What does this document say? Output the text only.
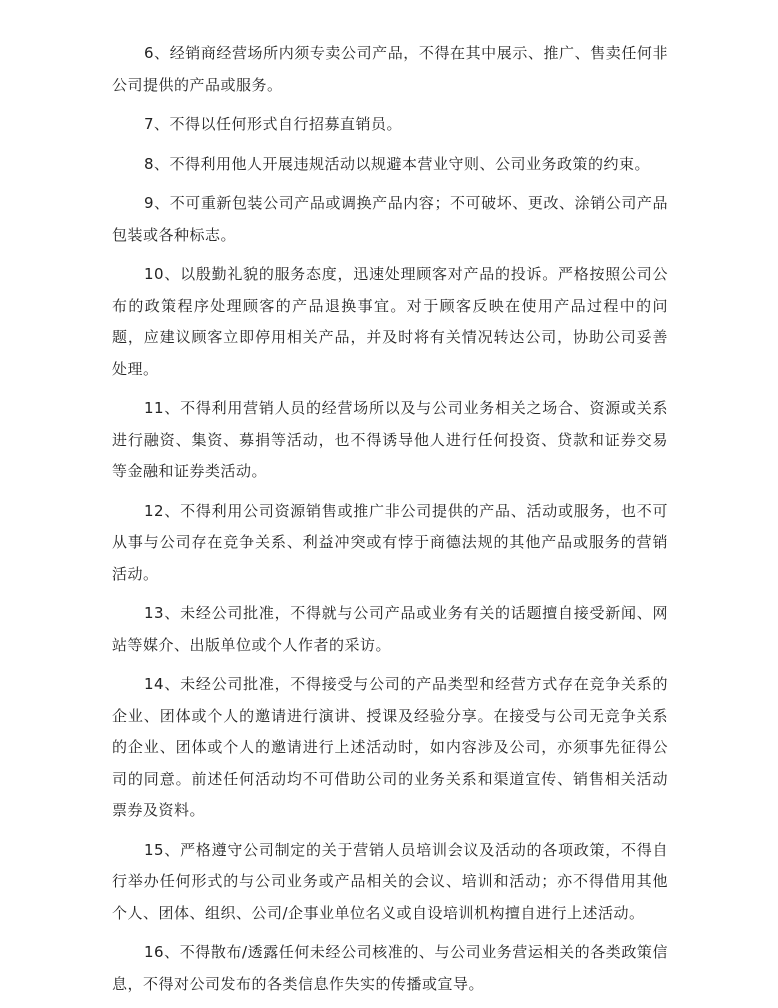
6、经销商经营场所内须专卖公司产品，不得在其中展示、推广、售卖任何非公司提供的产品或服务。

7、不得以任何形式自行招募直销员。

8、不得利用他人开展违规活动以规避本营业守则、公司业务政策的约束。

9、不可重新包装公司产品或调换产品内容；不可破坏、更改、涂销公司产品包装或各种标志。

10、以殷勤礼貌的服务态度，迅速处理顾客对产品的投诉。严格按照公司公布的政策程序处理顾客的产品退换事宜。对于顾客反映在使用产品过程中的问题，应建议顾客立即停用相关产品，并及时将有关情况转达公司，协助公司妥善处理。

11、不得利用营销人员的经营场所以及与公司业务相关之场合、资源或关系进行融资、集资、募捐等活动，也不得诱导他人进行任何投资、贷款和证券交易等金融和证券类活动。

12、不得利用公司资源销售或推广非公司提供的产品、活动或服务，也不可从事与公司存在竞争关系、利益冲突或有悖于商德法规的其他产品或服务的营销活动。

13、未经公司批准，不得就与公司产品或业务有关的话题擅自接受新闻、网站等媒介、出版单位或个人作者的采访。

14、未经公司批准，不得接受与公司的产品类型和经营方式存在竞争关系的企业、团体或个人的邀请进行演讲、授课及经验分享。在接受与公司无竞争关系的企业、团体或个人的邀请进行上述活动时，如内容涉及公司，亦须事先征得公司的同意。前述任何活动均不可借助公司的业务关系和渠道宣传、销售相关活动票券及资料。

15、严格遵守公司制定的关于营销人员培训会议及活动的各项政策，不得自行举办任何形式的与公司业务或产品相关的会议、培训和活动；亦不得借用其他个人、团体、组织、公司/企事业单位名义或自设培训机构擅自进行上述活动。

16、不得散布/透露任何未经公司核准的、与公司业务营运相关的各类政策信息，不得对公司发布的各类信息作失实的传播或宣导。
